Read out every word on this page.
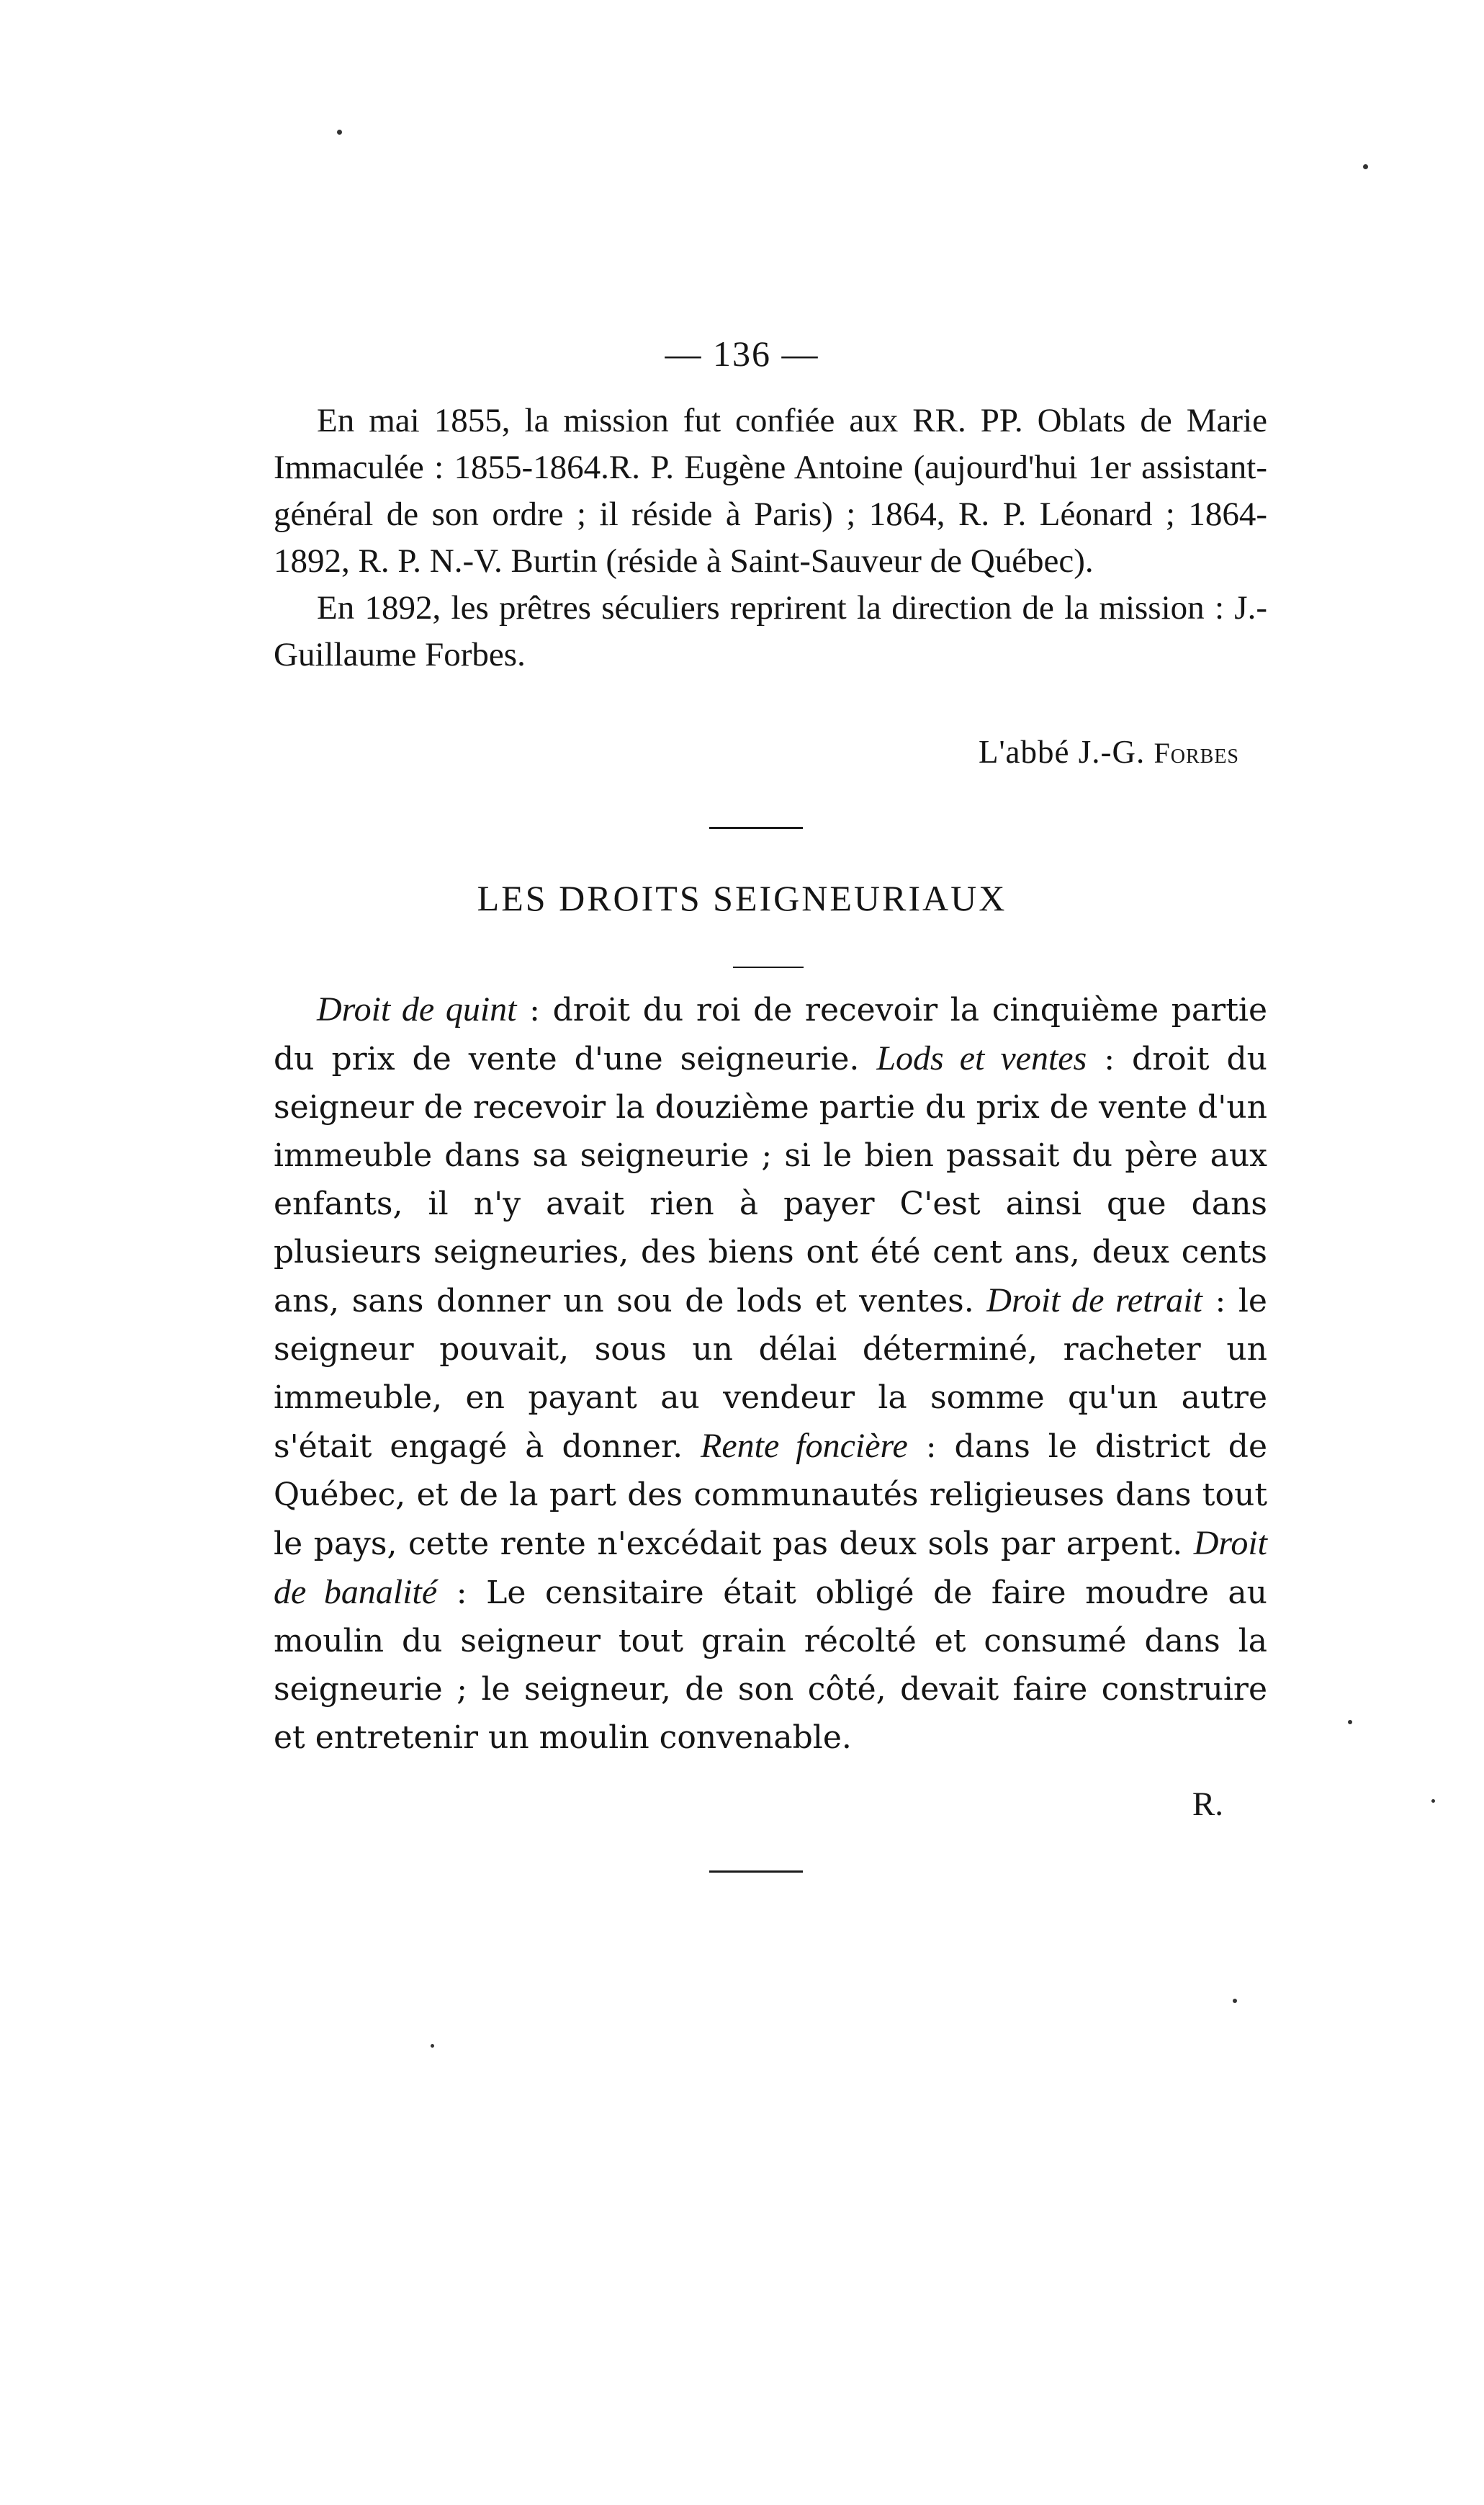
— 136 —

En mai 1855, la mission fut confiée aux RR. PP. Oblats de Marie Immaculée : 1855-1864.R. P. Eugène Antoine (aujourd'hui 1er assistant-général de son ordre ; il réside à Paris) ; 1864, R. P. Léonard ; 1864-1892, R. P. N.-V. Burtin (réside à Saint-Sauveur de Québec).

En 1892, les prêtres séculiers reprirent la direction de la mission : J.-Guillaume Forbes.

L'abbé J.-G. Forbes
LES DROITS SEIGNEURIAUX

Droit de quint : droit du roi de recevoir la cinquième partie du prix de vente d'une seigneurie. Lods et ventes : droit du seigneur de recevoir la douzième partie du prix de vente d'un immeuble dans sa seigneurie ; si le bien passait du père aux enfants, il n'y avait rien à payer C'est ainsi que dans plusieurs seigneuries, des biens ont été cent ans, deux cents ans, sans donner un sou de lods et ventes. Droit de retrait : le seigneur pouvait, sous un délai déterminé, racheter un immeuble, en payant au vendeur la somme qu'un autre s'était engagé à donner. Rente foncière : dans le district de Québec, et de la part des communautés religieuses dans tout le pays, cette rente n'excédait pas deux sols par arpent. Droit de banalité : Le censitaire était obligé de faire moudre au moulin du seigneur tout grain récolté et consumé dans la seigneurie ; le seigneur, de son côté, devait faire construire et entretenir un moulin convenable.

R.
